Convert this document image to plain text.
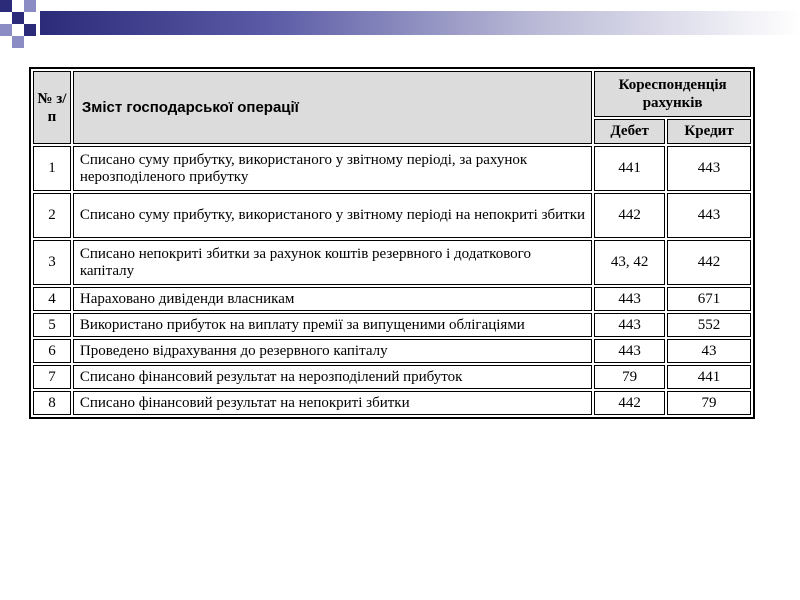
№ з/п	Зміст господарської операції	Кореспонденція рахунків	
		Дебет	Кредит
1	Списано суму прибутку, використаного у звітному періоді, за рахунок нерозподіленого прибутку	441	443
2	Списано суму прибутку, використаного у звітному періоді на непокриті збитки	442	443
3	Списано непокриті збитки за рахунок коштів резервного і додаткового капіталу	43, 42	442
4	Нараховано дивіденди власникам	443	671
5	Використано прибуток на виплату премії за випущеними облігаціями	443	552
6	Проведено відрахування до резервного капіталу	443	43
7	Списано фінансовий результат на нерозподілений прибуток	79	441
8	Списано фінансовий результат на непокриті збитки	442	79
